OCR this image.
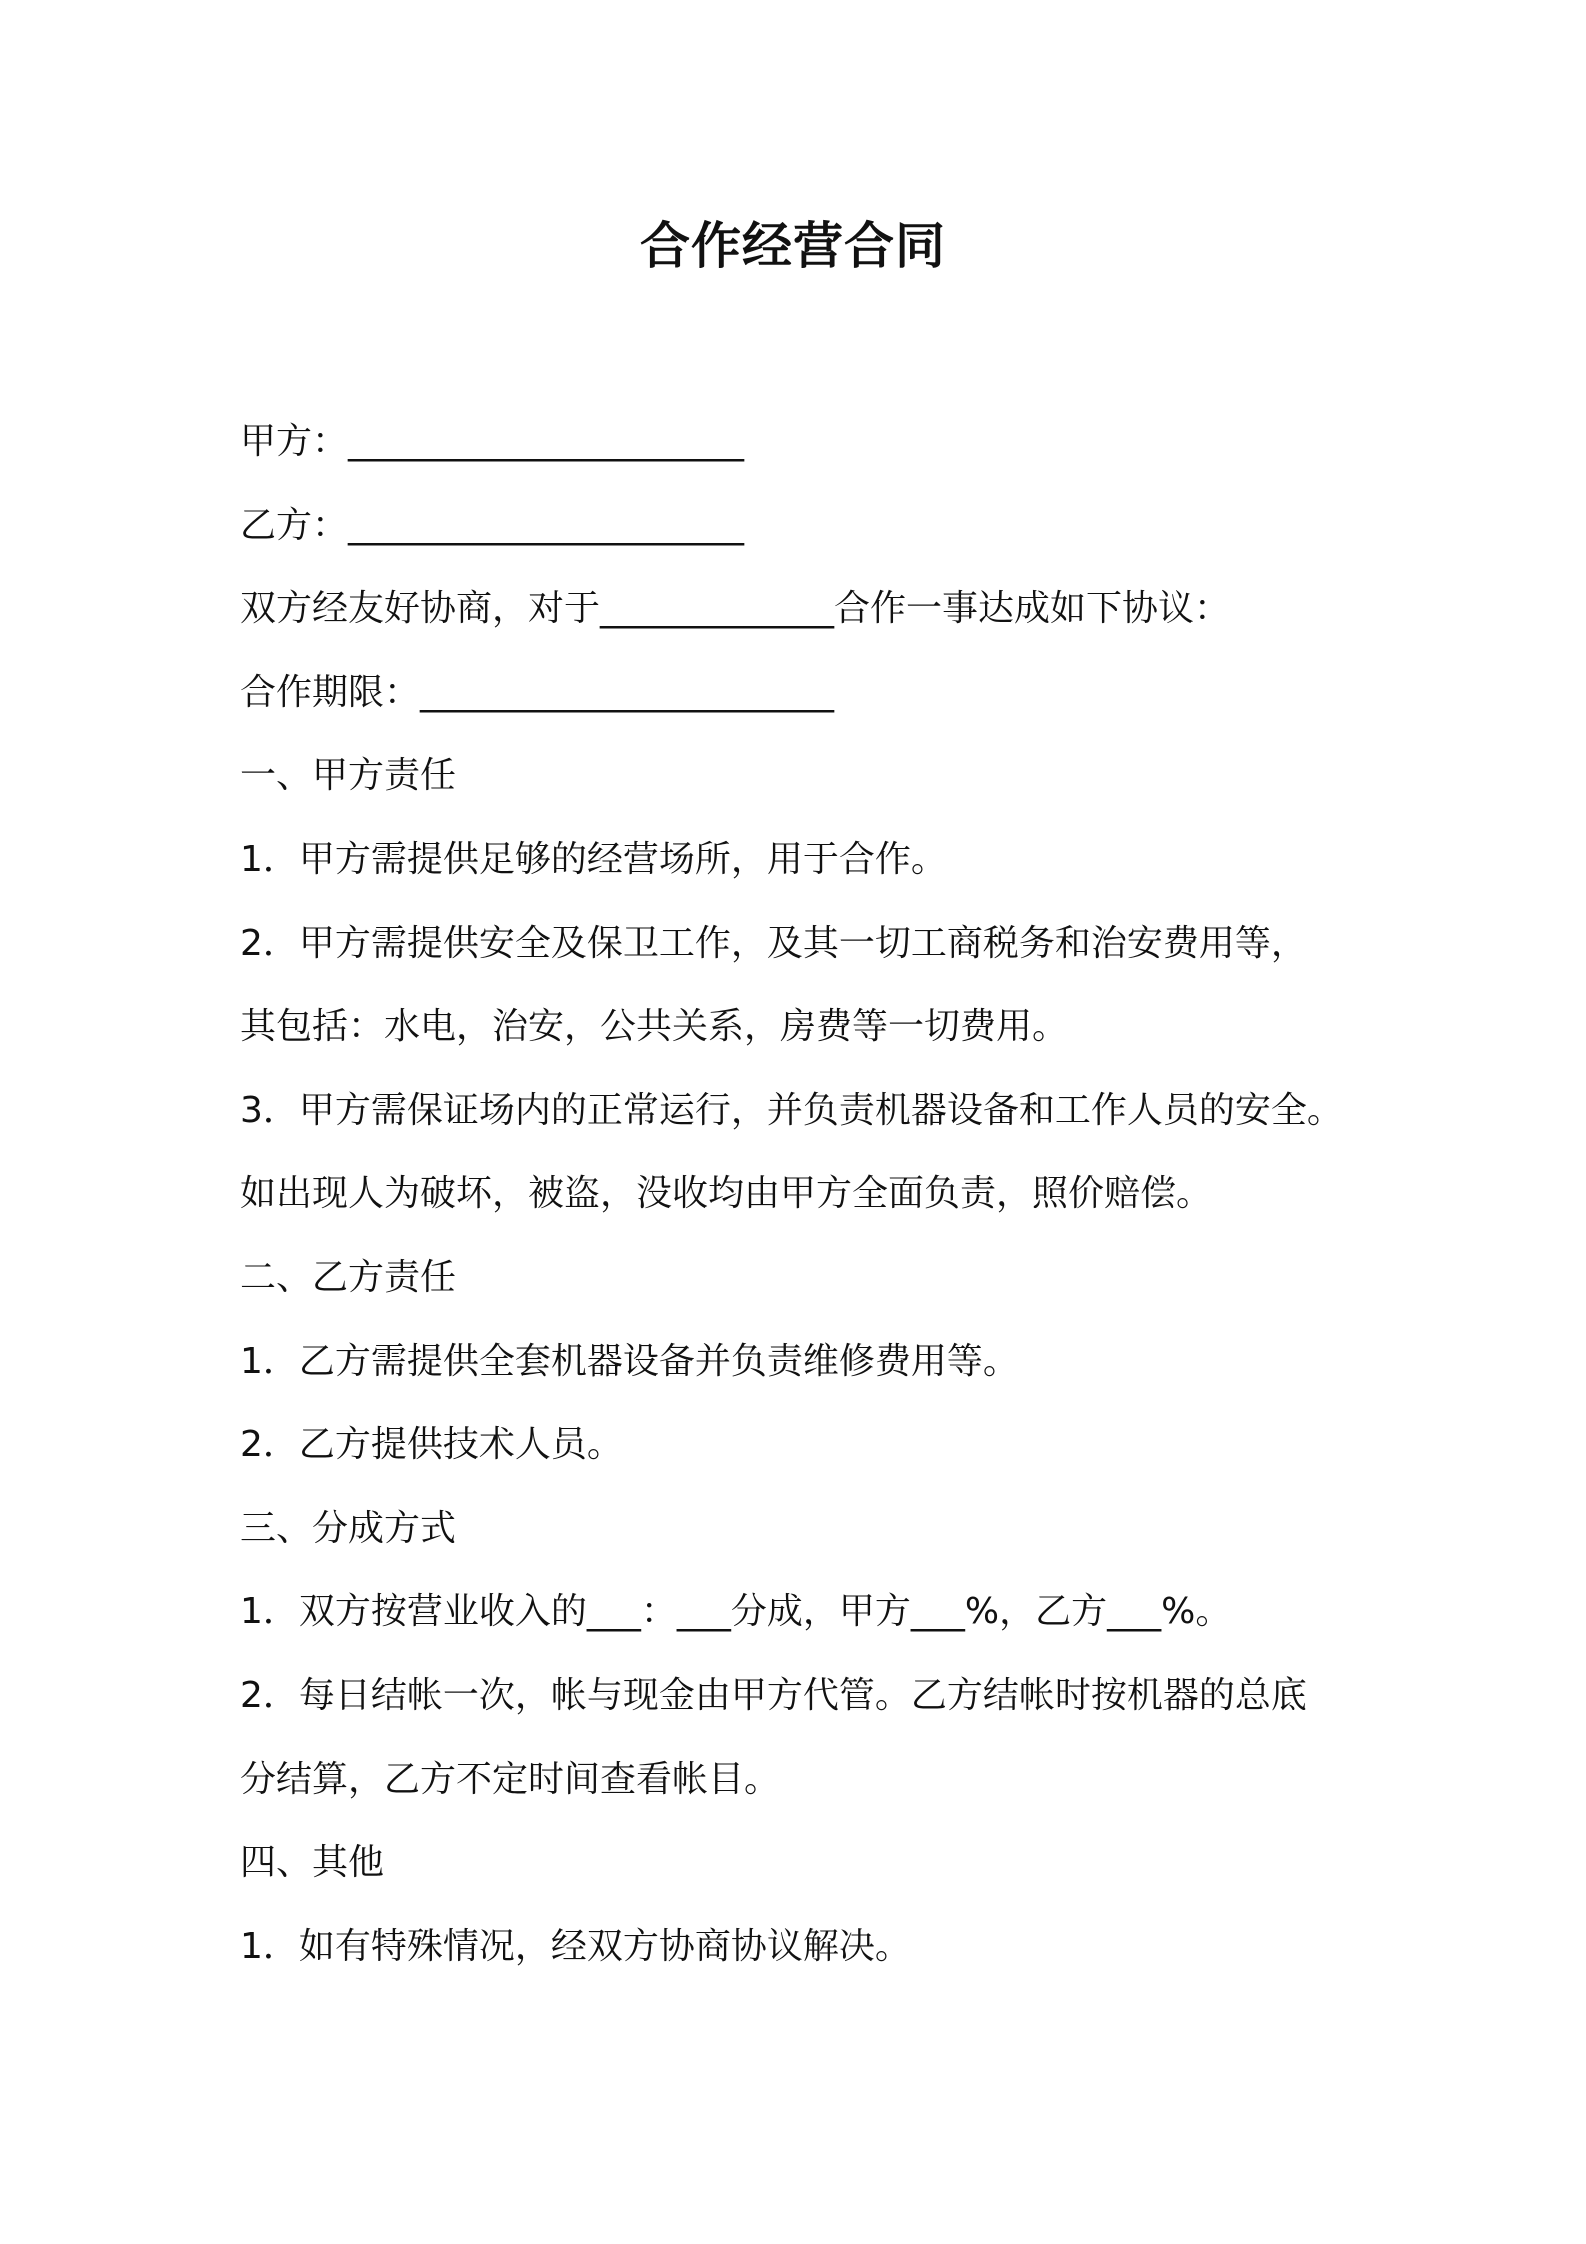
合作经营合同
甲方：______________________
乙方：______________________
双方经友好协商，对于_____________合作一事达成如下协议：
合作期限：_______________________
一、甲方责任
1．甲方需提供足够的经营场所，用于合作。
2．甲方需提供安全及保卫工作，及其一切工商税务和治安费用等，
其包括：水电，治安，公共关系，房费等一切费用。
3．甲方需保证场内的正常运行，并负责机器设备和工作人员的安全。
如出现人为破坏，被盗，没收均由甲方全面负责，照价赔偿。
二、乙方责任
1．乙方需提供全套机器设备并负责维修费用等。
2．乙方提供技术人员。
三、分成方式
1．双方按营业收入的___：___分成，甲方___%，乙方___%。
2．每日结帐一次，帐与现金由甲方代管。乙方结帐时按机器的总底
分结算，乙方不定时间查看帐目。
四、其他
1．如有特殊情况，经双方协商协议解决。
